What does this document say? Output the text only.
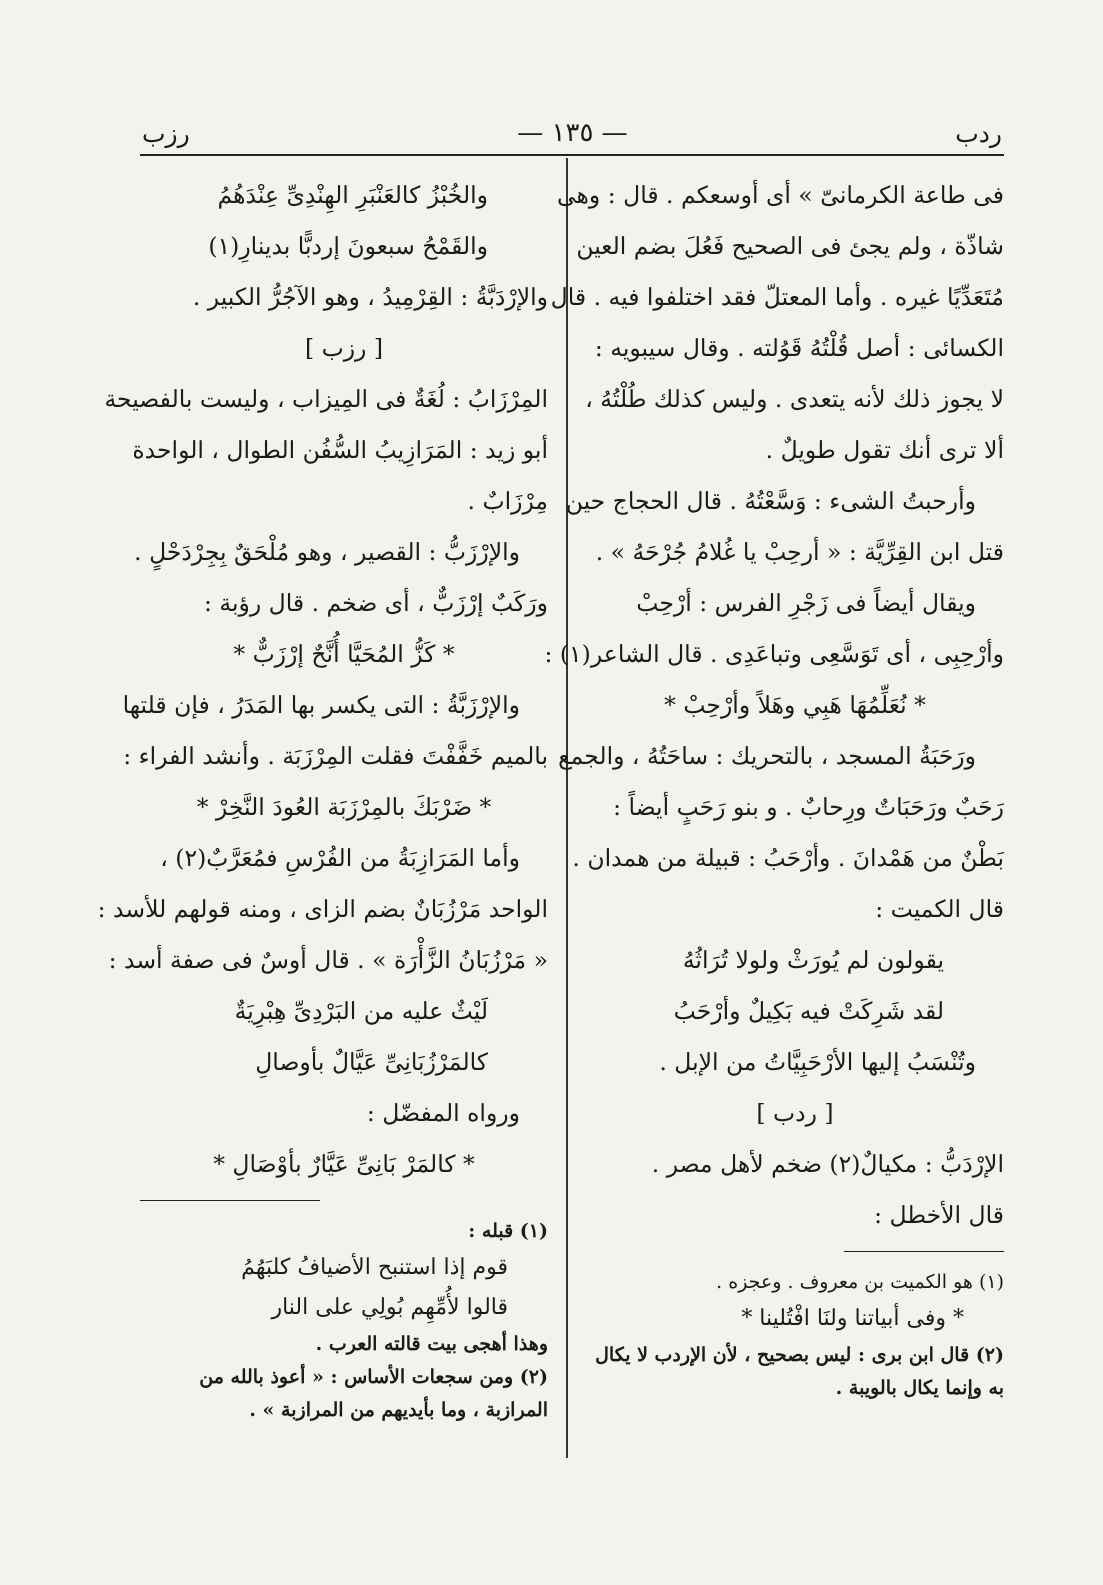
ردب
— ١٣٥ —
رزب
فى طاعة الكرمانىّ » أى أوسعكم . قال : وهى
شاذّة ، ولم يجئ فى الصحيح فَعُلَ بضم العين
مُتَعَدِّيًا غيره . وأما المعتلّ فقد اختلفوا فيه . قال
الكسائى : أصل قُلْتُهُ قَوُلته . وقال سيبويه :
لا يجوز ذلك لأنه يتعدى . وليس كذلك طُلْتُهُ ،
ألا ترى أنك تقول طويلٌ .
وأرحبتُ الشىء : وَسَّعْتُهُ . قال الحجاج حين
قتل ابن القِرِّيَّة : « أرحِبْ يا غُلامُ جُرْحَهُ » .
ويقال أيضاً فى زَجْرِ الفرس : أرْحِبْ
وأرْحِبِى ، أى تَوَسَّعِى وتباعَدِى . قال الشاعر(١) :
* نُعَلِّمُهَا هَبِي وهَلاً وأرْحِبْ *
ورَحَبَةُ المسجد ، بالتحريك : ساحَتُهُ ، والجمع
رَحَبٌ ورَحَبَاتٌ ورِحابٌ . و بنو رَحَبٍ أيضاً :
بَطْنٌ من هَمْدانَ . وأرْحَبُ : قبيلة من همدان .
قال الكميت :
يقولون لم يُورَثْ ولولا تُرَاثُهُ
لقد شَرِكَتْ فيه بَكِيلٌ وأرْحَبُ
وتُنْسَبُ إليها الأرْحَبِيَّاتُ من الإبل .
[ ردب ]
الإرْدَبُّ : مكيالٌ(٢) ضخم لأهل مصر .
قال الأخطل :
(١) هو الكميت بن معروف . وعجزه .
* وفى أبياتنا ولنَا افْتُلينا *
(٢) قال ابن برى : ليس بصحيح ، لأن الإردب لا يكال
به وإنما يكال بالويبة .
والخُبْزُ كالعَنْبَرِ الهِنْدِىِّ عِنْدَهُمُ
والقَمْحُ سبعونَ إردبًّا بدينارِ(١)
والإرْدَبَّةُ : القِرْمِيدُ ، وهو الآجُرُّ الكبير .
[ رزب ]
المِرْزَابُ : لُغَةٌ فى المِيزاب ، وليست بالفصيحة
أبو زيد : المَرَازِيبُ السُّفُن الطوال ، الواحدة
مِرْزَابٌ .
والإرْزَبُّ : القصير ، وهو مُلْحَقٌ بِجِرْدَحْلٍ .
ورَكَبٌ إرْزَبٌّ ، أى ضخم . قال رؤبة :
* كَزُّ المُحَيَّا أُنَّحٌ إرْزَبٌّ *
والإرْزَبَّةُ : التى يكسر بها المَدَرُ ، فإن قلتها
بالميم خَفَّفْتَ فقلت المِرْزَبَة . وأنشد الفراء :
* ضَرْبَكَ بالمِرْزَبَة العُودَ النَّخِرْ *
وأما المَرَازِبَةُ من الفُرْسِ فمُعَرَّبٌ(٢) ،
الواحد مَرْزُبَانٌ بضم الزاى ، ومنه قولهم للأسد :
« مَرْزُبَانُ الزَّأْرَة » . قال أوسٌ فى صفة أسد :
لَيْثٌ عليه من البَرْدِىِّ هِبْرِيَةٌ
كالمَرْزُبَانِىِّ عَيَّالٌ بأوصالِ
ورواه المفضّل :
* كالمَرْ بَانِىِّ عَيَّارٌ بأوْصَالِ *
(١) قبله :
قوم إذا استنبح الأضيافُ كلبَهُمُ
قالوا لأُمِّهِم بُولِي على النار
وهذا أهجى بيت قالته العرب .
(٢) ومن سجعات الأساس : « أعوذ بالله من
المرازبة ، وما بأيديهم من المرازبة » .
